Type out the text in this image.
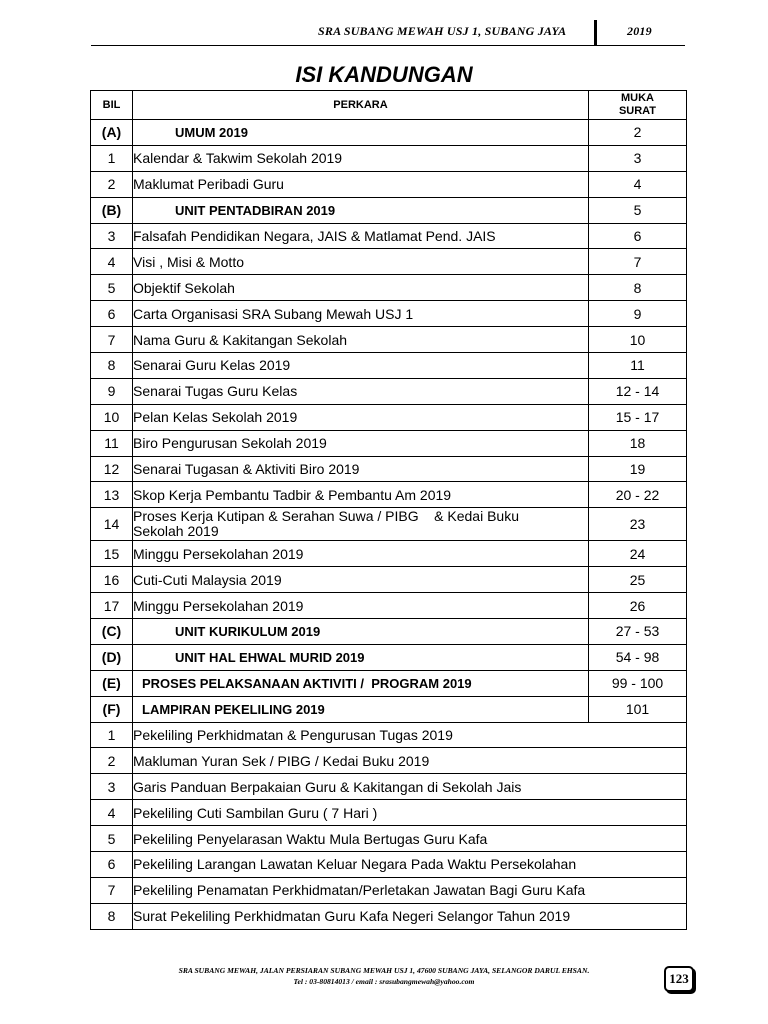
SRA SUBANG MEWAH USJ 1, SUBANG JAYA	2019
ISI KANDUNGAN
BIL	PERKARA	MUKA
SURAT
(A)	UMUM 2019	2
1	Kalendar & Takwim Sekolah 2019	3
2	Maklumat Peribadi Guru	4
(B)	UNIT PENTADBIRAN 2019	5
3	Falsafah Pendidikan Negara, JAIS & Matlamat Pend. JAIS	6
4	Visi , Misi & Motto	7
5	Objektif Sekolah	8
6	Carta Organisasi SRA Subang Mewah USJ 1	9
7	Nama Guru & Kakitangan Sekolah	10
8	Senarai Guru Kelas 2019	11
9	Senarai Tugas Guru Kelas	12 - 14
10	Pelan Kelas Sekolah 2019	15 - 17
11	Biro Pengurusan Sekolah 2019	18
12	Senarai Tugasan & Aktiviti Biro 2019	19
13	Skop Kerja Pembantu Tadbir & Pembantu Am 2019	20 - 22
14	Proses Kerja Kutipan & Serahan Suwa / PIBG    & Kedai Buku
Sekolah 2019	23
15	Minggu Persekolahan 2019	24
16	Cuti-Cuti Malaysia 2019	25
17	Minggu Persekolahan 2019	26
(C)	UNIT KURIKULUM 2019	27 - 53
(D)	UNIT HAL EHWAL MURID 2019	54 - 98
(E)	PROSES PELAKSANAAN AKTIVITI /  PROGRAM 2019	99 - 100
(F)	LAMPIRAN PEKELILING 2019	101
1	Pekeliling Perkhidmatan & Pengurusan Tugas 2019	
2	Makluman Yuran Sek / PIBG / Kedai Buku 2019	
3	Garis Panduan Berpakaian Guru & Kakitangan di Sekolah Jais	
4	Pekeliling Cuti Sambilan Guru ( 7 Hari )	
5	Pekeliling Penyelarasan Waktu Mula Bertugas Guru Kafa	
6	Pekeliling Larangan Lawatan Keluar Negara Pada Waktu Persekolahan	
7	Pekeliling Penamatan Perkhidmatan/Perletakan Jawatan Bagi Guru Kafa	
8	Surat Pekeliling Perkhidmatan Guru Kafa Negeri Selangor Tahun 2019	
SRA SUBANG MEWAH, JALAN PERSIARAN SUBANG MEWAH USJ 1, 47600 SUBANG JAYA, SELANGOR DARUL EHSAN.
Tel : 03-80814013 / email : srasubangmewah@yahoo.com	123
